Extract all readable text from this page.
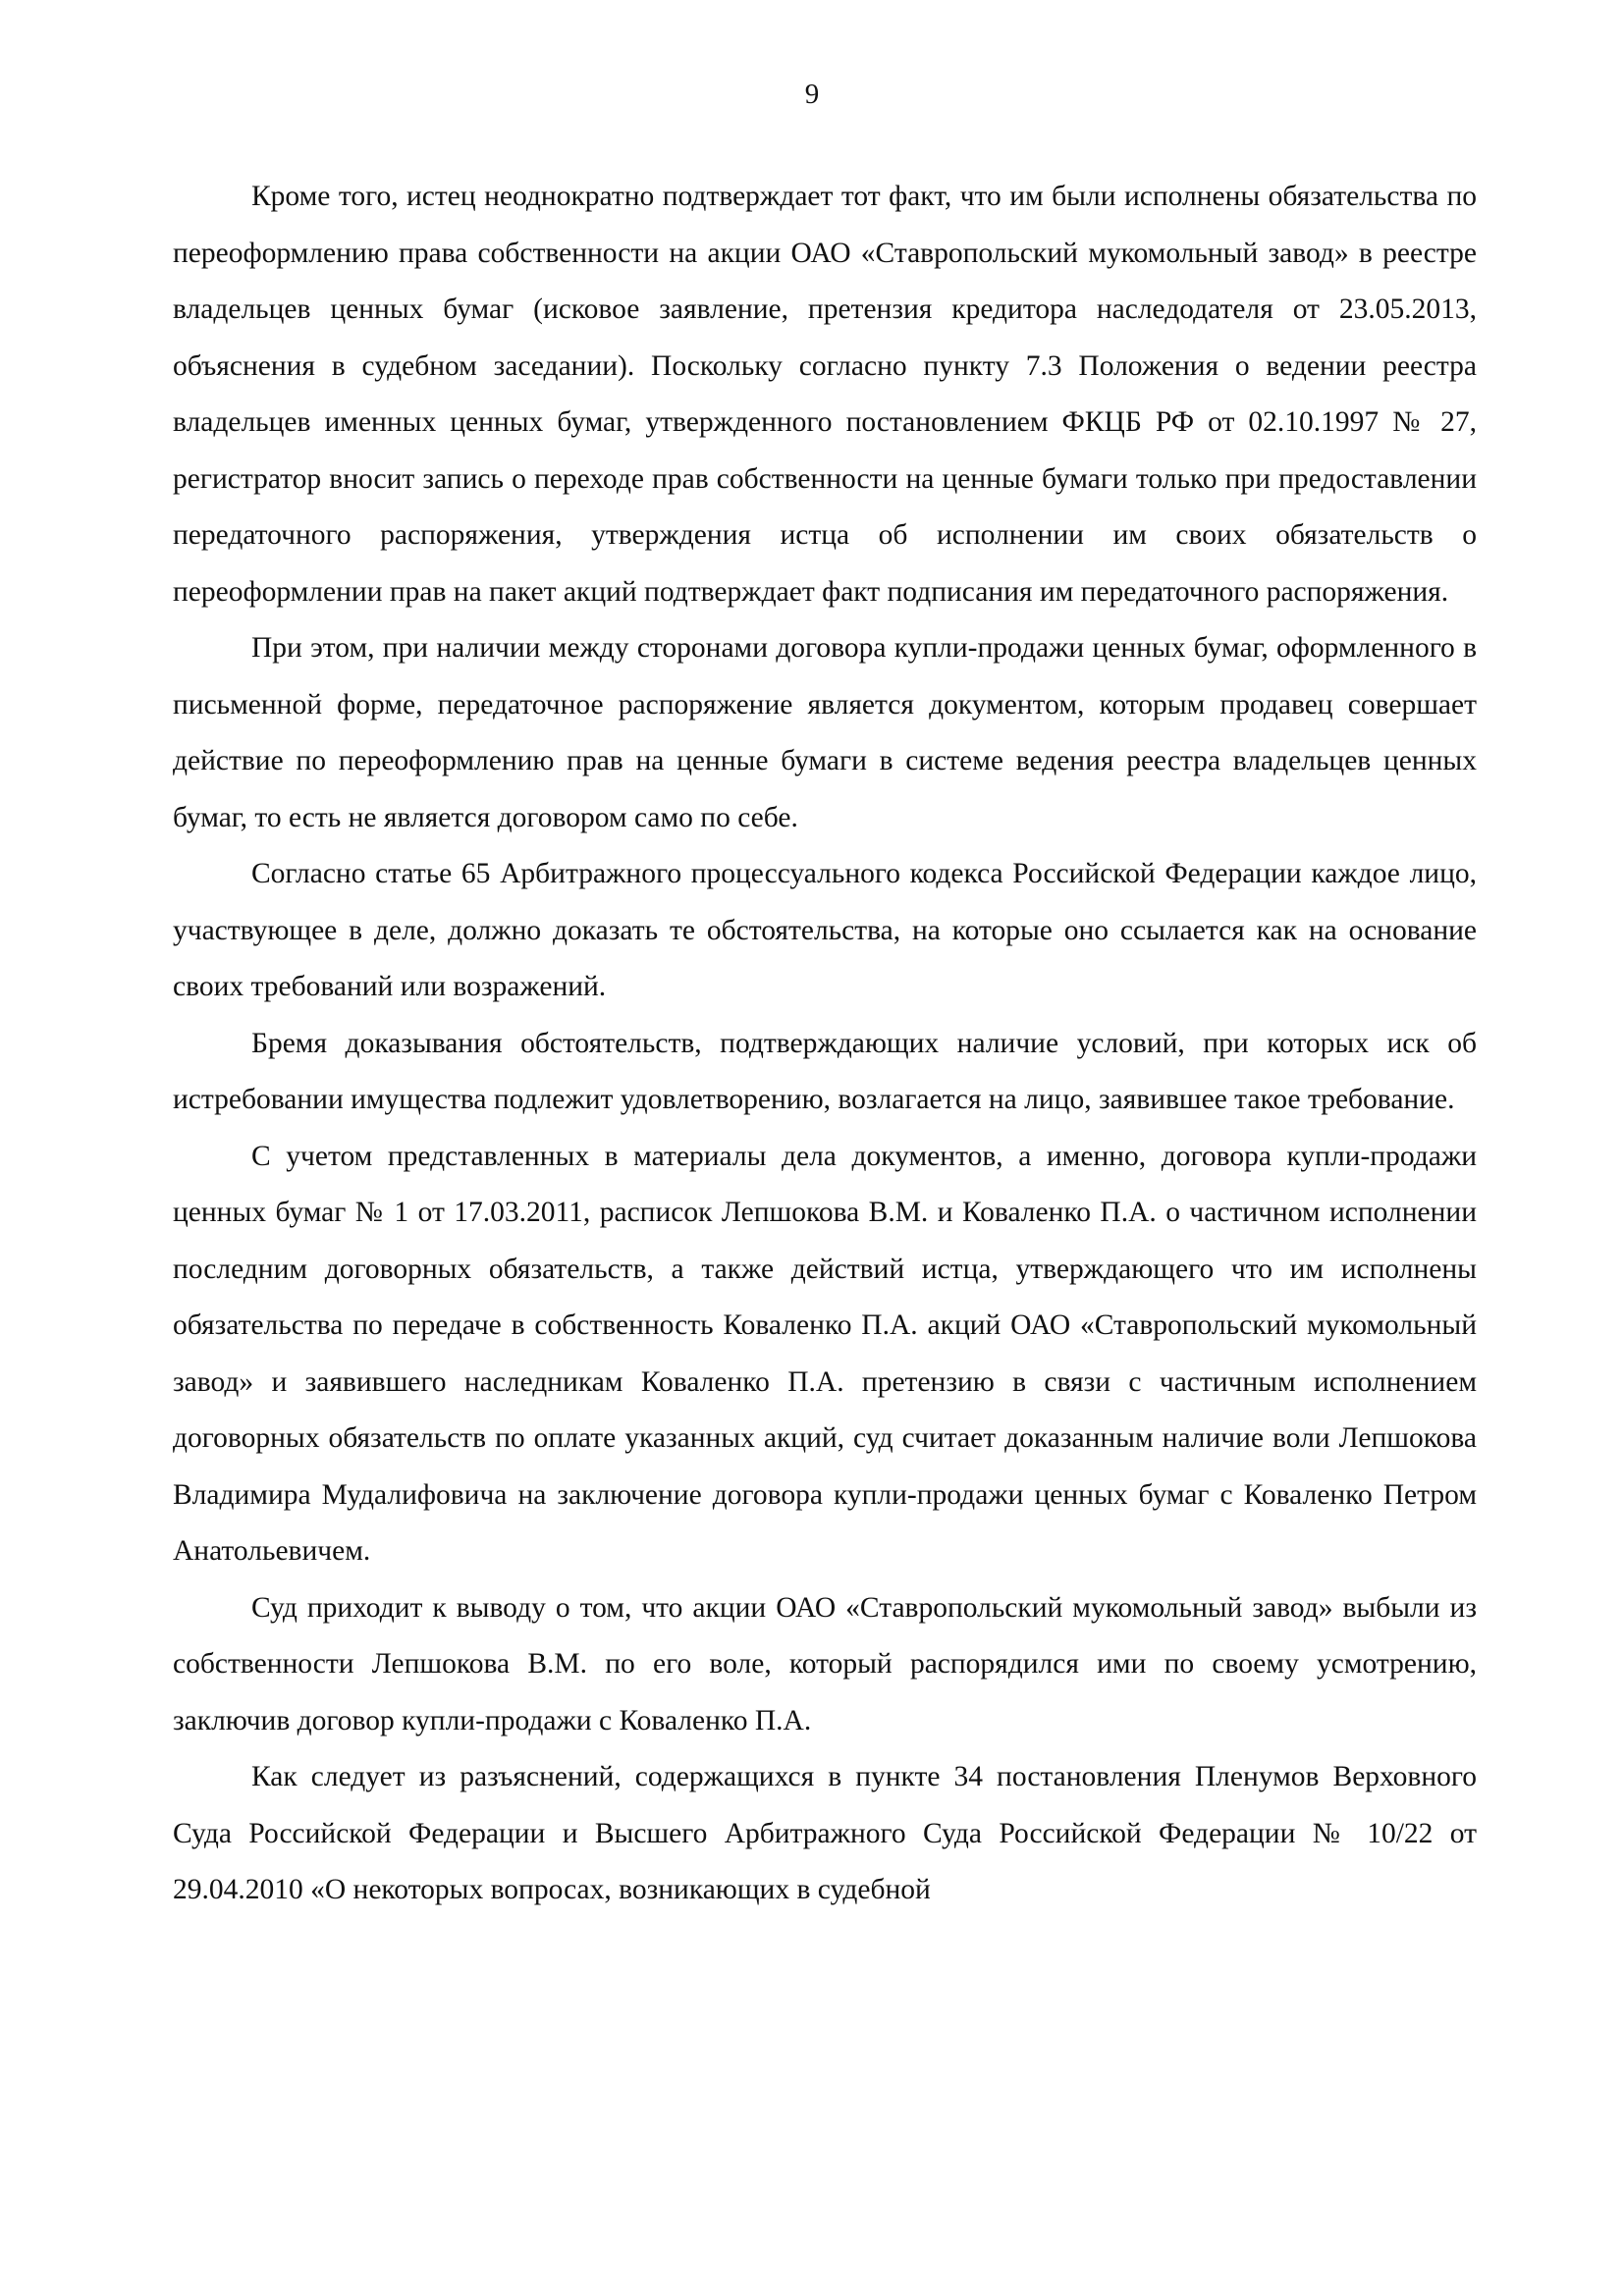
9

Кроме того, истец неоднократно подтверждает тот факт, что им были исполнены обязательства по переоформлению права собственности на акции ОАО «Ставропольский мукомольный завод» в реестре владельцев ценных бумаг (исковое заявление, претензия кредитора наследодателя от 23.05.2013, объяснения в судебном заседании). Поскольку согласно пункту 7.3 Положения о ведении реестра владельцев именных ценных бумаг, утвержденного постановлением ФКЦБ РФ от 02.10.1997 № 27, регистратор вносит запись о переходе прав собственности на ценные бумаги только при предоставлении передаточного распоряжения, утверждения истца об исполнении им своих обязательств о переоформлении прав на пакет акций подтверждает факт подписания им передаточного распоряжения.

При этом, при наличии между сторонами договора купли-продажи ценных бумаг, оформленного в письменной форме, передаточное распоряжение является документом, которым продавец совершает действие по переоформлению прав на ценные бумаги в системе ведения реестра владельцев ценных бумаг, то есть не является договором само по себе.

Согласно статье 65 Арбитражного процессуального кодекса Российской Федерации каждое лицо, участвующее в деле, должно доказать те обстоятельства, на которые оно ссылается как на основание своих требований или возражений.

Бремя доказывания обстоятельств, подтверждающих наличие условий, при которых иск об истребовании имущества подлежит удовлетворению, возлагается на лицо, заявившее такое требование.

С учетом представленных в материалы дела документов, а именно, договора купли-продажи ценных бумаг № 1 от 17.03.2011, расписок Лепшокова В.М. и Коваленко П.А. о частичном исполнении последним договорных обязательств, а также действий истца, утверждающего что им исполнены обязательства по передаче в собственность Коваленко П.А. акций ОАО «Ставропольский мукомольный завод» и заявившего наследникам Коваленко П.А. претензию в связи с частичным исполнением договорных обязательств по оплате указанных акций, суд считает доказанным наличие воли Лепшокова Владимира Мудалифовича на заключение договора купли-продажи ценных бумаг с Коваленко Петром Анатольевичем.

Суд приходит к выводу о том, что акции ОАО «Ставропольский мукомольный завод» выбыли из собственности Лепшокова В.М. по его воле, который распорядился ими по своему усмотрению, заключив договор купли-продажи с Коваленко П.А.

Как следует из разъяснений, содержащихся в пункте 34 постановления Пленумов Верховного Суда Российской Федерации и Высшего Арбитражного Суда Российской Федерации № 10/22 от 29.04.2010 «О некоторых вопросах, возникающих в судебной
